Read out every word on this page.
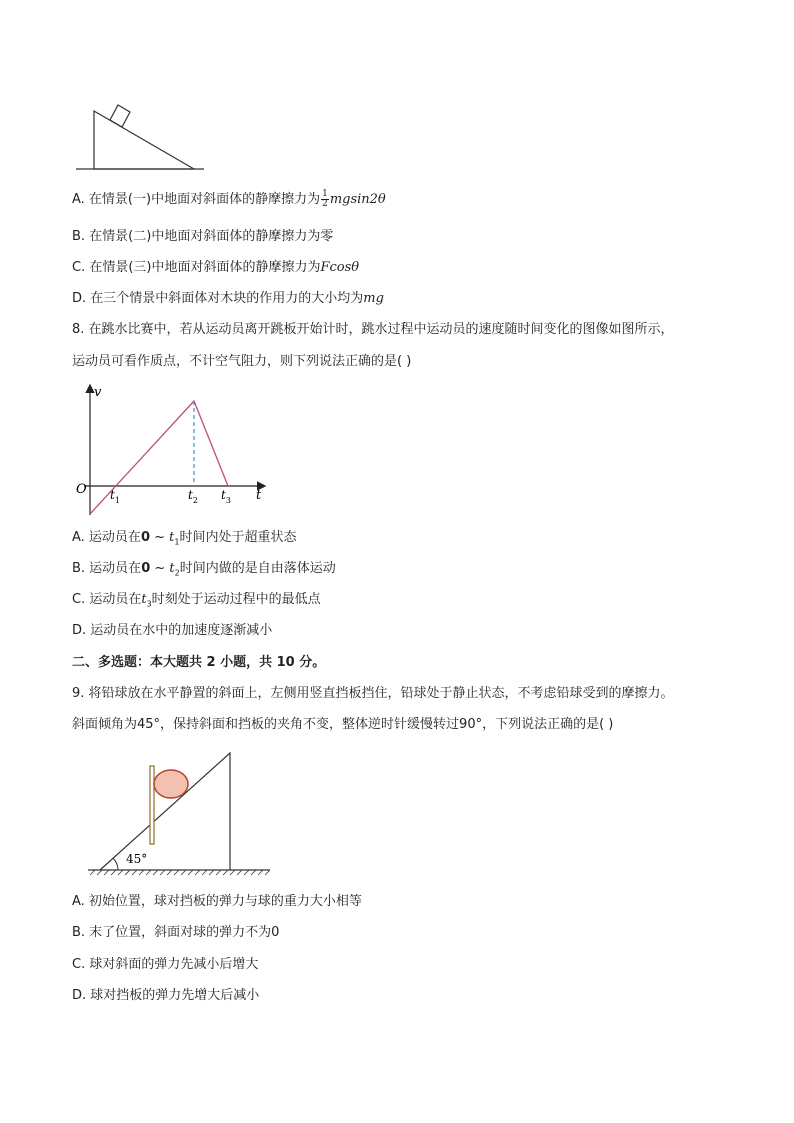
A. 在情景(一)中地面对斜面体的静摩擦力为 $\frac{1}{2} mgsin2\theta$
B. 在情景(二)中地面对斜面体的静摩擦力为零
C. 在情景(三)中地面对斜面体的静摩擦力为Fcosθ
D. 在三个情景中斜面体对木块的作用力的大小均为mg
8. 在跳水比赛中，若从运动员离开跳板开始计时，跳水过程中运动员的速度随时间变化的图像如图所示，
运动员可看作质点，不计空气阻力，则下列说法正确的是( )
v
t
O $t_1$	$t_2$ $t_3$
A. 运动员在0 ~ $t_1$时间内处于超重状态
B. 运动员在0 ~ $t_2$时间内做的是自由落体运动
C. 运动员在$t_3$时刻处于运动过程中的最低点
D. 运动员在水中的加速度逐渐减小
二、多选题：本大题共 2 小题，共 10 分。
9. 将铅球放在水平静置的斜面上，左侧用竖直挡板挡住，铅球处于静止状态，不考虑铅球受到的摩擦力。
斜面倾角为45°，保持斜面和挡板的夹角不变，整体逆时针缓慢转过90°，下列说法正确的是( )
45°
A. 初始位置，球对挡板的弹力与球的重力大小相等
B. 末了位置，斜面对球的弹力不为0
C. 球对斜面的弹力先减小后增大
D. 球对挡板的弹力先增大后减小
